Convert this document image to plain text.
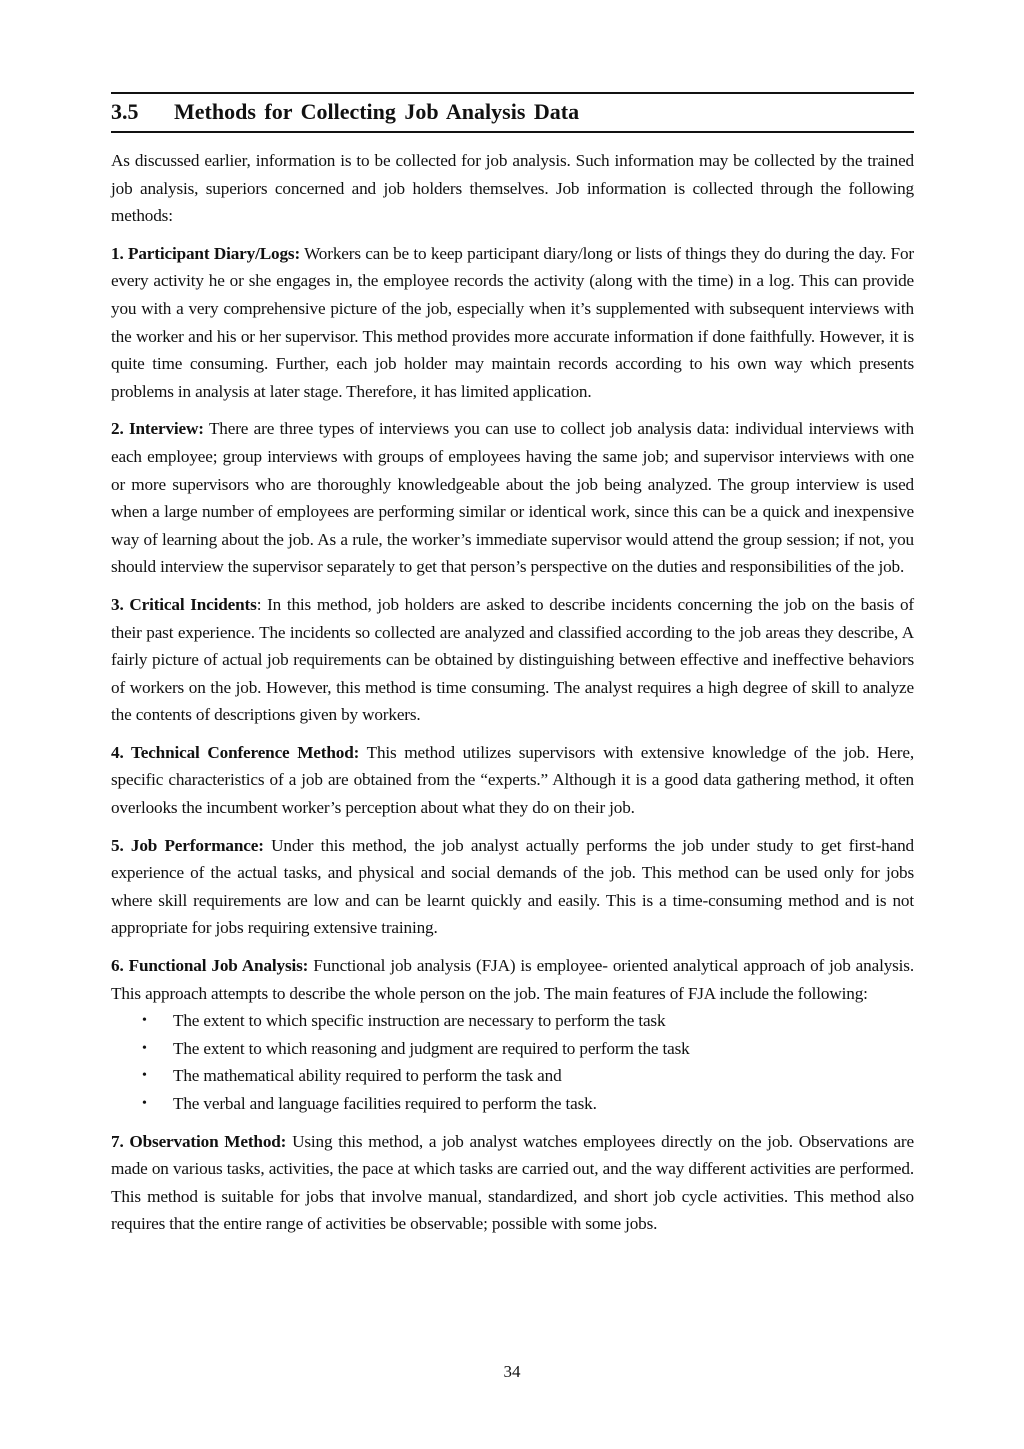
3.5	Methods for Collecting Job Analysis Data

As discussed earlier, information is to be collected for job analysis. Such information may be collected by the trained job analysis, superiors concerned and job holders themselves. Job information is collected through the following methods:

1. Participant Diary/Logs: Workers can be to keep participant diary/long or lists of things they do during the day. For every activity he or she engages in, the employee records the activity (along with the time) in a log. This can provide you with a very comprehensive picture of the job, especially when it’s supplemented with subsequent interviews with the worker and his or her supervisor. This method provides more accurate information if done faithfully. However, it is quite time consuming. Further, each job holder may maintain records according to his own way which presents problems in analysis at later stage. Therefore, it has limited application.

2. Interview: There are three types of interviews you can use to collect job analysis data: individual interviews with each employee; group interviews with groups of employees having the same job; and supervisor interviews with one or more supervisors who are thoroughly knowledgeable about the job being analyzed. The group interview is used when a large number of employees are performing similar or identical work, since this can be a quick and inexpensive way of learning about the job. As a rule, the worker’s immediate supervisor would attend the group session; if not, you should interview the supervisor separately to get that person’s perspective on the duties and responsibilities of the job.

3. Critical Incidents: In this method, job holders are asked to describe incidents concerning the job on the basis of their past experience. The incidents so collected are analyzed and classified according to the job areas they describe, A fairly picture of actual job requirements can be obtained by distinguishing between effective and ineffective behaviors of workers on the job. However, this method is time consuming. The analyst requires a high degree of skill to analyze the contents of descriptions given by workers.

4. Technical Conference Method: This method utilizes supervisors with extensive knowledge of the job. Here, specific characteristics of a job are obtained from the “experts.” Although it is a good data gathering method, it often overlooks the incumbent worker’s perception about what they do on their job.

5. Job Performance: Under this method, the job analyst actually performs the job under study to get first-hand experience of the actual tasks, and physical and social demands of the job. This method can be used only for jobs where skill requirements are low and can be learnt quickly and easily. This is a time-consuming method and is not appropriate for jobs requiring extensive training.

6. Functional Job Analysis: Functional job analysis (FJA) is employee- oriented analytical approach of job analysis. This approach attempts to describe the whole person on the job. The main features of FJA include the following:

• The extent to which specific instruction are necessary to perform the task
• The extent to which reasoning and judgment are required to perform the task
• The mathematical ability required to perform the task and
• The verbal and language facilities required to perform the task.

7. Observation Method: Using this method, a job analyst watches employees directly on the job. Observations are made on various tasks, activities, the pace at which tasks are carried out, and the way different activities are performed. This method is suitable for jobs that involve manual, standardized, and short job cycle activities. This method also requires that the entire range of activities be observable; possible with some jobs.

34
